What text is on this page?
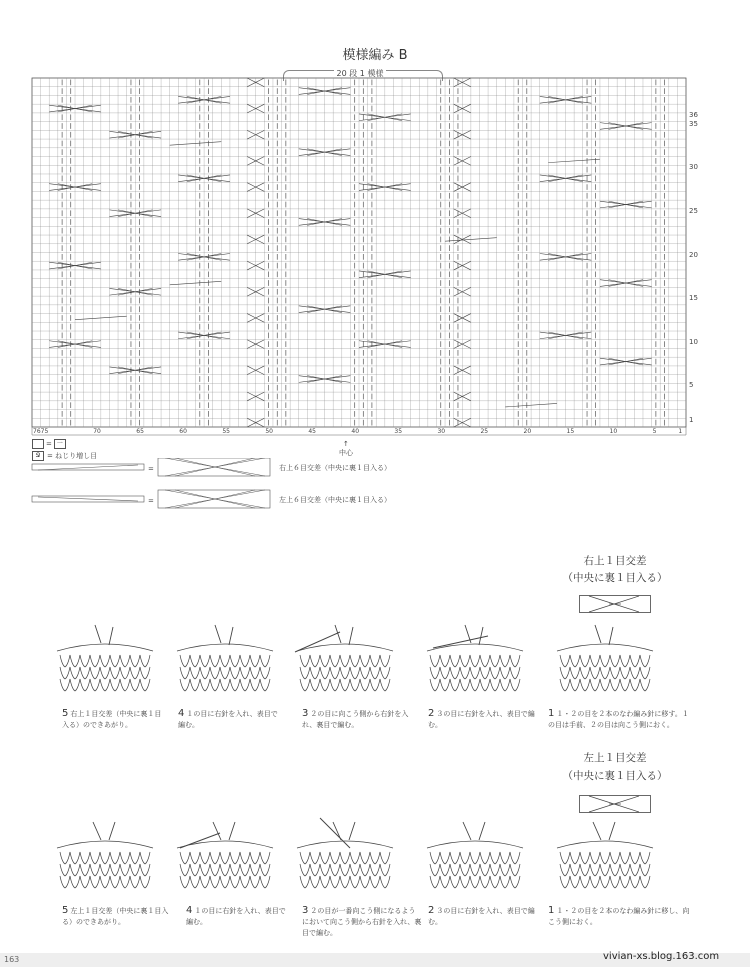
模様編み B
20 段 1 模様
36
35
30
25
20
15
10
5
1
7675	70	65	60	55	50	45	40	35	30	25	20	15	10	5	1
↑
中心
= 一
Ջ = ねじり増し目
=
=
右上６目交差（中央に裏１目入る）
左上６目交差（中央に裏１目入る）
右上１目交差
（中央に裏１目入る）
左上１目交差
（中央に裏１目入る）
5 右上１目交差（中央に裏１目入る）のできあがり。
4 １の目に右針を入れ、表目で編む。
3 ２の目に向こう側から右針を入れ、裏目で編む。
2 ３の目に右針を入れ、表目で編む。
1 １・２の目を２本のなわ編み針に移す。１の目は手前、２の目は向こう側におく。
5 左上１目交差（中央に裏１目入る）のできあがり。
4 １の目に右針を入れ、表目で編む。
3 ２の目が一番向こう側になるようにおいて向こう側から右針を入れ、裏目で編む。
2 ３の目に右針を入れ、表目で編む。
1 １・２の目を２本のなわ編み針に移し、向こう側におく。
163	vivian-xs.blog.163.com
